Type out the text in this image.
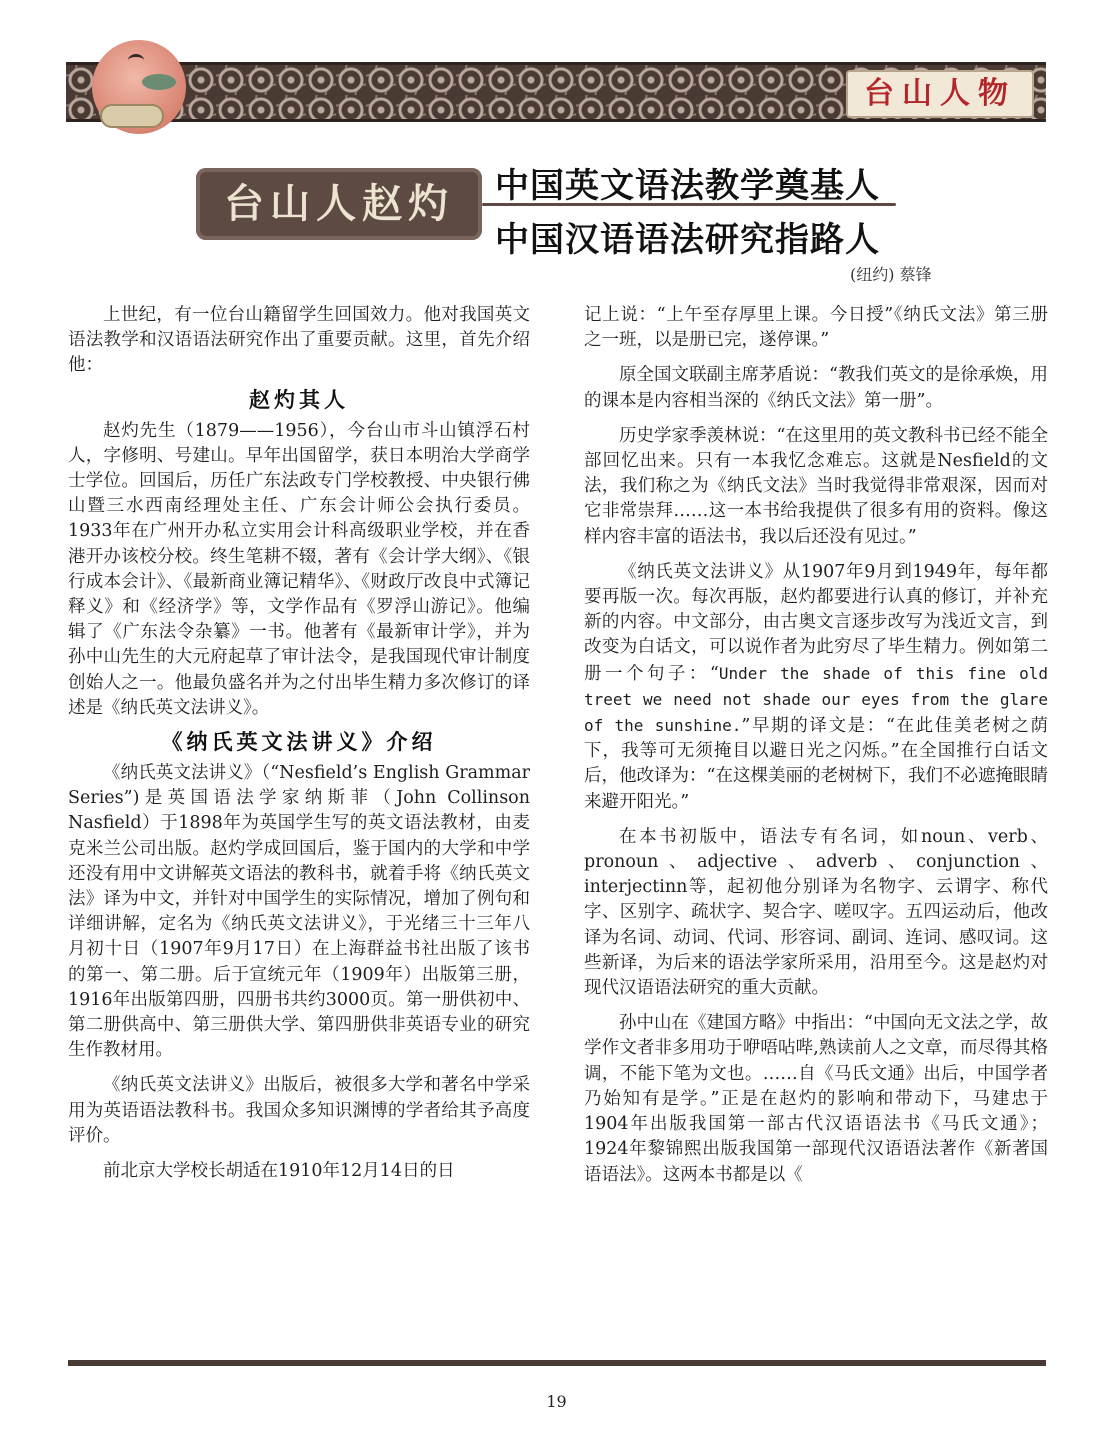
台山人物
台山人赵灼	中国英文语法教学奠基人
中国汉语语法研究指路人
(纽约) 蔡锋

上世纪，有一位台山籍留学生回国效力。他对我国英文语法教学和汉语语法研究作出了重要贡献。这里，首先介绍他：

赵灼其人

赵灼先生（1879——1956），今台山市斗山镇浮石村人，字修明、号建山。早年出国留学，获日本明治大学商学士学位。回国后，历任广东法政专门学校教授、中央银行佛山暨三水西南经理处主任、广东会计师公会执行委员。1933年在广州开办私立实用会计科高级职业学校，并在香港开办该校分校。终生笔耕不辍，著有《会计学大纲》、《银行成本会计》、《最新商业簿记精华》、《财政厅改良中式簿记释义》和《经济学》等，文学作品有《罗浮山游记》。他编辑了《广东法令杂纂》一书。他著有《最新审计学》，并为孙中山先生的大元府起草了审计法令，是我国现代审计制度创始人之一。他最负盛名并为之付出毕生精力多次修订的译述是《纳氏英文法讲义》。

《纳氏英文法讲义》介绍

《纳氏英文法讲义》（“Nesfield’s English Grammar Series”)是英国语法学家纳斯菲（John Collinson Nasfield）于1898年为英国学生写的英文语法教材，由麦克米兰公司出版。赵灼学成回国后，鉴于国内的大学和中学还没有用中文讲解英文语法的教科书，就着手将《纳氏英文法》译为中文，并针对中国学生的实际情况，增加了例句和详细讲解，定名为《纳氏英文法讲义》，于光绪三十三年八月初十日（1907年9月17日）在上海群益书社出版了该书的第一、第二册。后于宣统元年（1909年）出版第三册，1916年出版第四册，四册书共约3000页。第一册供初中、第二册供高中、第三册供大学、第四册供非英语专业的研究生作教材用。

《纳氏英文法讲义》出版后，被很多大学和著名中学采用为英语语法教科书。我国众多知识渊博的学者给其予高度评价。

前北京大学校长胡适在1910年12月14日的日

记上说：“上午至存厚里上课。今日授”《纳氏文法》第三册之一班，以是册已完，遂停课。”

原全国文联副主席茅盾说：“教我们英文的是徐承焕，用的课本是内容相当深的《纳氏文法》第一册”。

历史学家季羡林说：“在这里用的英文教科书已经不能全部回忆出来。只有一本我忆念难忘。这就是Nesfield的文法，我们称之为《纳氏文法》当时我觉得非常艰深，因而对它非常崇拜……这一本书给我提供了很多有用的资料。像这样内容丰富的语法书，我以后还没有见过。”

《纳氏英文法讲义》从1907年9月到1949年，每年都要再版一次。每次再版，赵灼都要进行认真的修订，并补充新的内容。中文部分，由古奥文言逐步改写为浅近文言，到改变为白话文，可以说作者为此穷尽了毕生精力。例如第二册一个句子：“Under the shade of this fine old treet we need not shade our eyes from the glare of the sunshine.”早期的译文是：“在此佳美老树之荫下，我等可无须掩目以避日光之闪烁。”在全国推行白话文后，他改译为：“在这棵美丽的老树树下，我们不必遮掩眼睛来避开阳光。”

在本书初版中，语法专有名词，如noun、verb、pronoun、adjective、adverb、conjunction、interjectinn等，起初他分别译为名物字、云谓字、称代字、区别字、疏状字、契合字、嗟叹字。五四运动后，他改译为名词、动词、代词、形容词、副词、连词、感叹词。这些新译，为后来的语法学家所采用，沿用至今。这是赵灼对现代汉语语法研究的重大贡献。

孙中山在《建国方略》中指出：“中国向无文法之学，故学作文者非多用功于咿唔呫哔,熟读前人之文章，而尽得其格调，不能下笔为文也。……自《马氏文通》出后，中国学者乃始知有是学。”正是在赵灼的影响和带动下，马建忠于1904年出版我国第一部古代汉语语法书《马氏文通》；1924年黎锦熙出版我国第一部现代汉语语法著作《新著国语语法》。这两本书都是以《

19
